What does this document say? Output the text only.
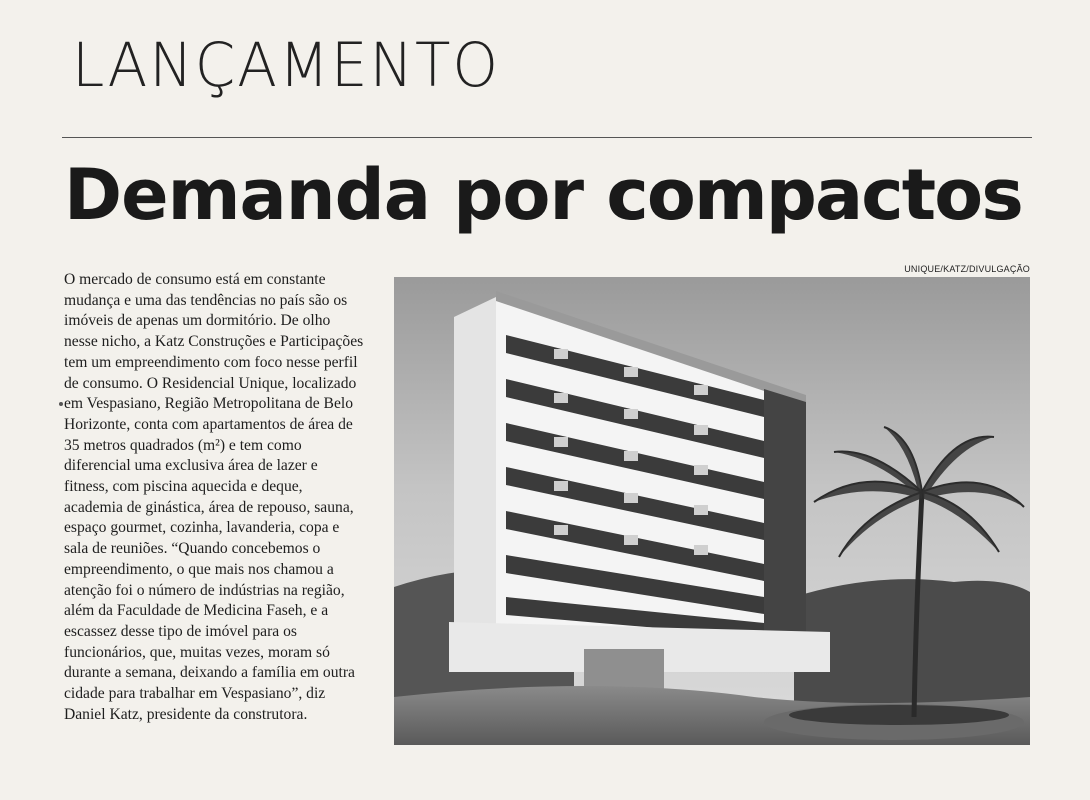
LANÇAMENTO
Demanda por compactos

O mercado de consumo está em constante mudança e uma das tendências no país são os imóveis de apenas um dormitório. De olho nesse nicho, a Katz Construções e Participações tem um empreendimento com foco nesse perfil de consumo. O Residencial Unique, localizado em Vespasiano, Região Metropolitana de Belo Horizonte, conta com apartamentos de área de 35 metros quadrados (m²) e tem como diferencial uma exclusiva área de lazer e fitness, com piscina aquecida e deque, academia de ginástica, área de repouso, sauna, espaço gourmet, cozinha, lavanderia, copa e sala de reuniões. “Quando concebemos o empreendimento, o que mais nos chamou a atenção foi o número de indústrias na região, além da Faculdade de Medicina Faseh, e a escassez desse tipo de imóvel para os funcionários, que, muitas vezes, moram só durante a semana, deixando a família em outra cidade para trabalhar em Vespasiano”, diz Daniel Katz, presidente da construtora.

UNIQUE/KATZ/DIVULGAÇÃO
